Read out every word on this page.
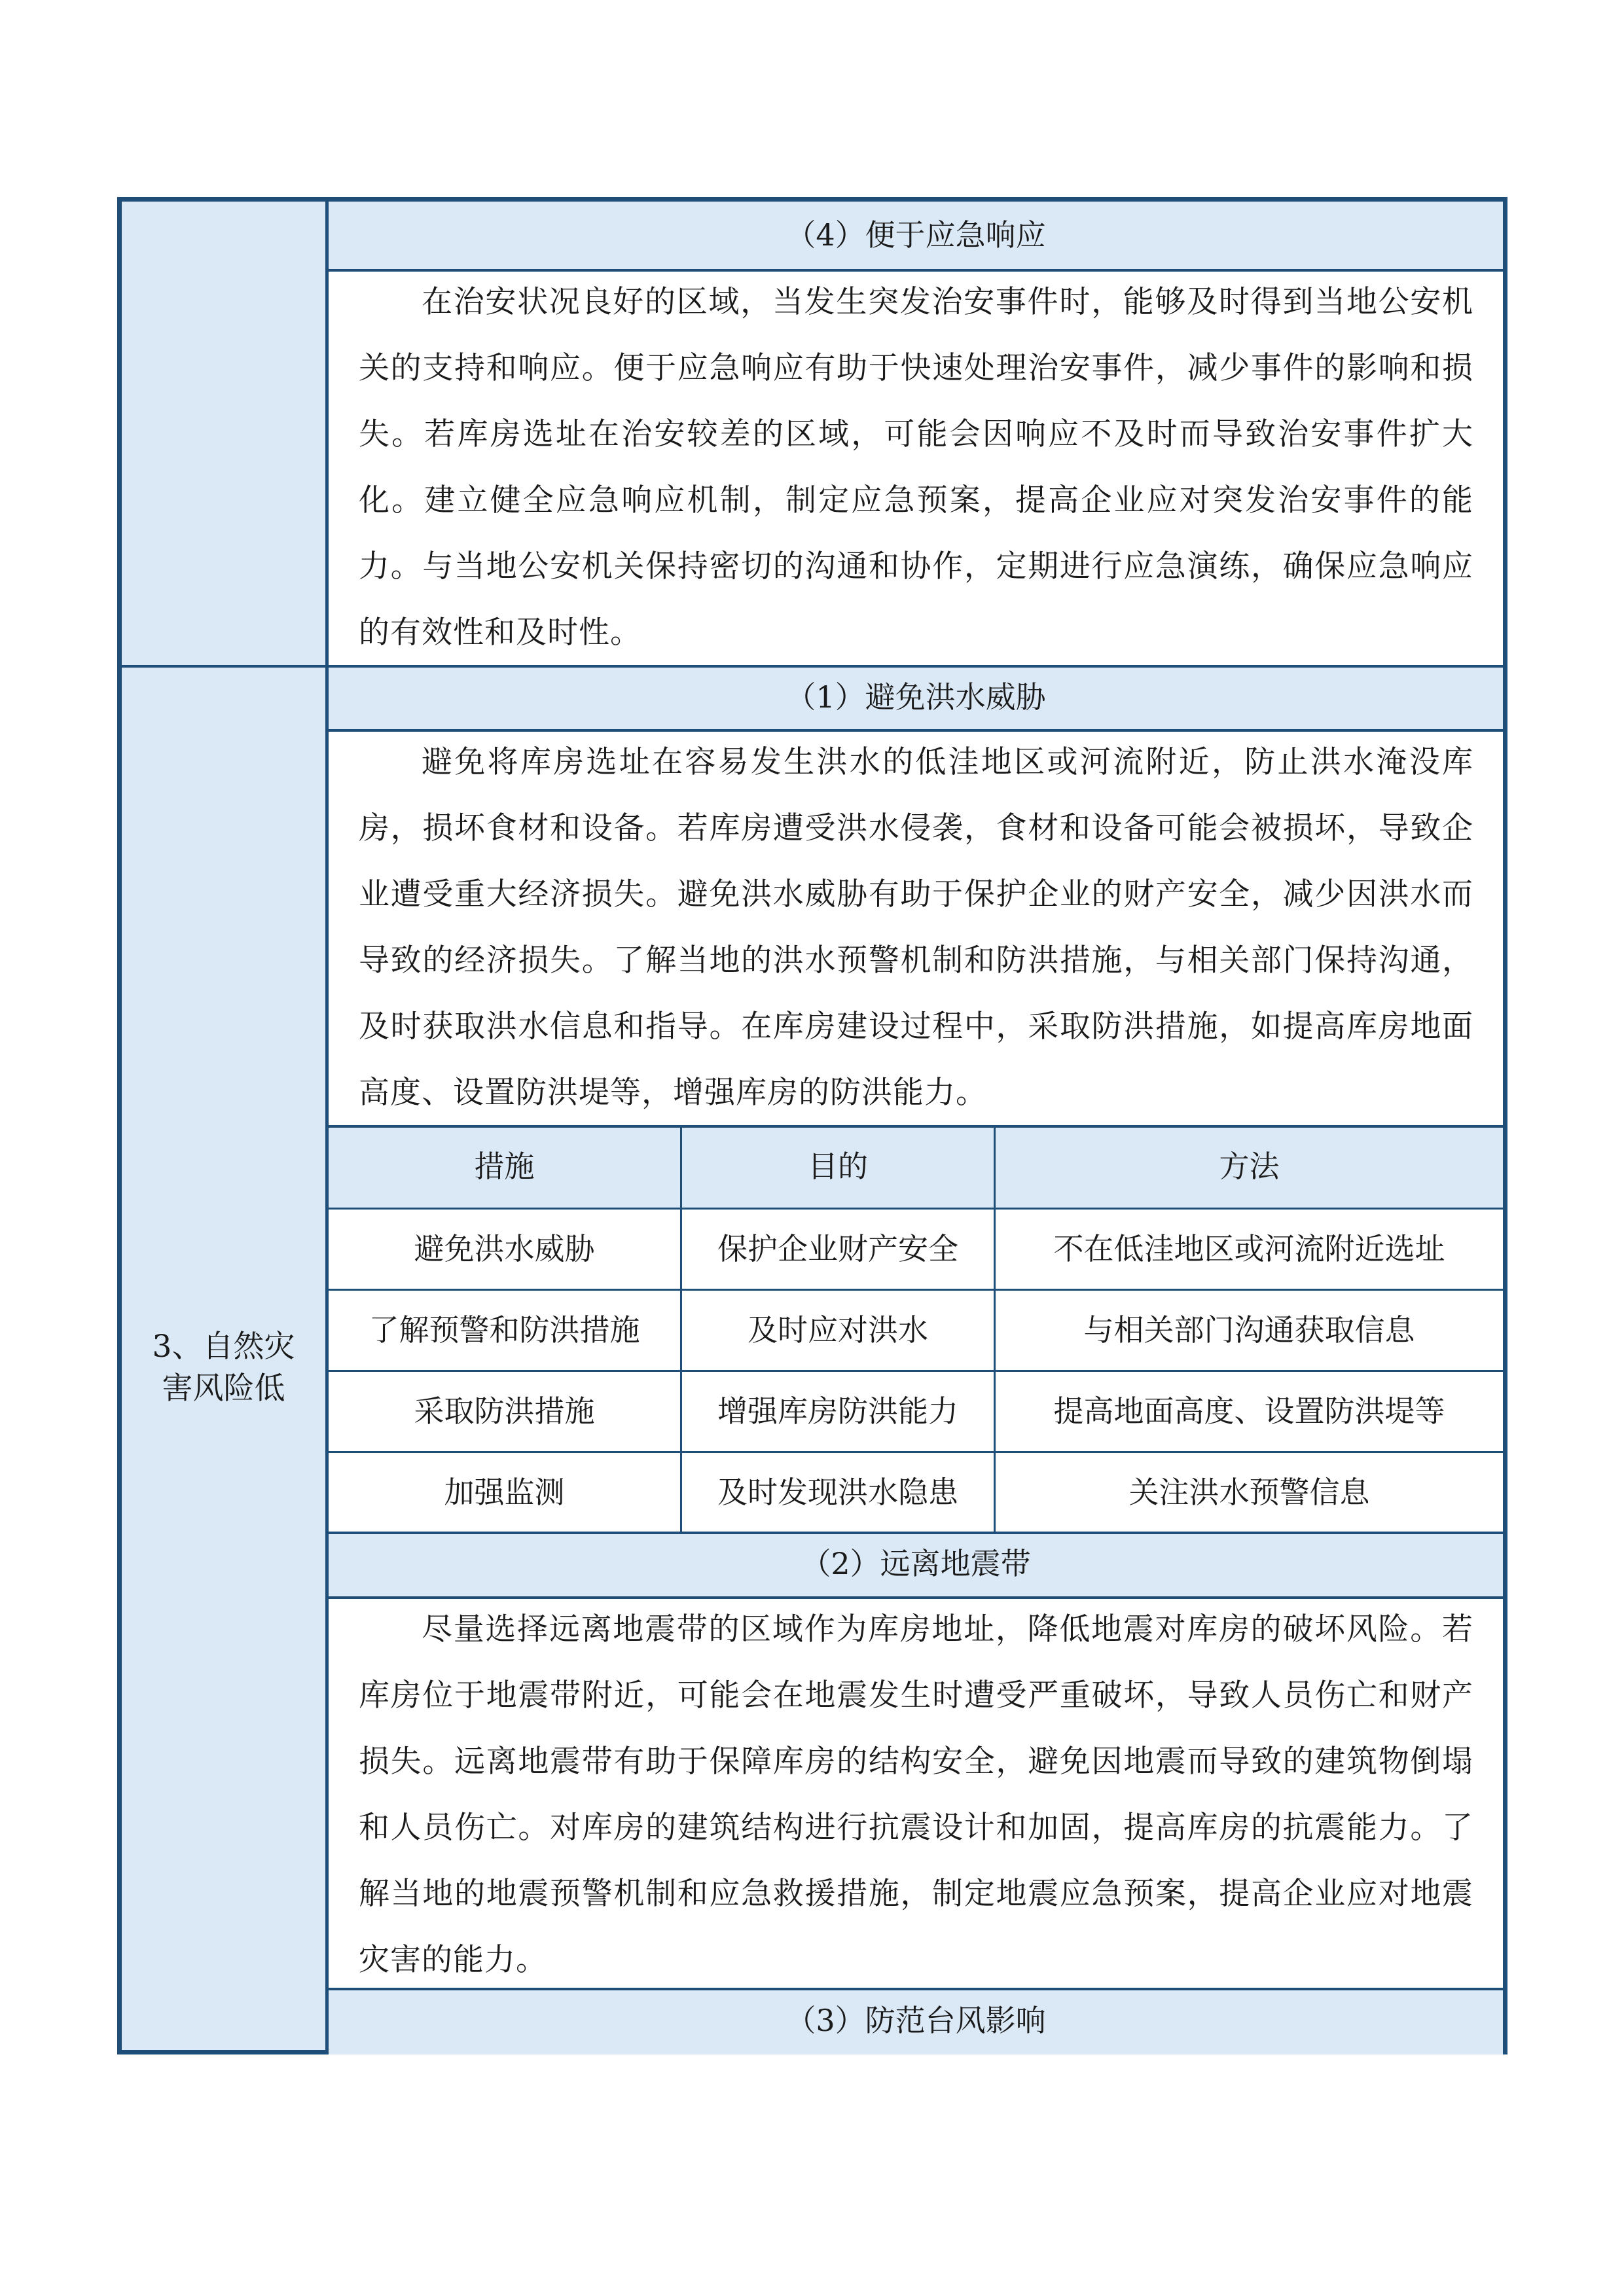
（4）便于应急响应

在治安状况良好的区域，当发生突发治安事件时，能够及时得到当地公安机关的支持和响应。便于应急响应有助于快速处理治安事件，减少事件的影响和损失。若库房选址在治安较差的区域，可能会因响应不及时而导致治安事件扩大化。建立健全应急响应机制，制定应急预案，提高企业应对突发治安事件的能力。与当地公安机关保持密切的沟通和协作，定期进行应急演练，确保应急响应的有效性和及时性。

3、自然灾
害风险低
（1）避免洪水威胁

避免将库房选址在容易发生洪水的低洼地区或河流附近，防止洪水淹没库房，损坏食材和设备。若库房遭受洪水侵袭，食材和设备可能会被损坏，导致企业遭受重大经济损失。避免洪水威胁有助于保护企业的财产安全，减少因洪水而导致的经济损失。了解当地的洪水预警机制和防洪措施，与相关部门保持沟通，及时获取洪水信息和指导。在库房建设过程中，采取防洪措施，如提高库房地面高度、设置防洪堤等，增强库房的防洪能力。

措施	目的	方法
避免洪水威胁	保护企业财产安全	不在低洼地区或河流附近选址
了解预警和防洪措施	及时应对洪水	与相关部门沟通获取信息
采取防洪措施	增强库房防洪能力	提高地面高度、设置防洪堤等
加强监测	及时发现洪水隐患	关注洪水预警信息
（2）远离地震带

尽量选择远离地震带的区域作为库房地址，降低地震对库房的破坏风险。若库房位于地震带附近，可能会在地震发生时遭受严重破坏，导致人员伤亡和财产损失。远离地震带有助于保障库房的结构安全，避免因地震而导致的建筑物倒塌和人员伤亡。对库房的建筑结构进行抗震设计和加固，提高库房的抗震能力。了解当地的地震预警机制和应急救援措施，制定地震应急预案，提高企业应对地震灾害的能力。

（3）防范台风影响
